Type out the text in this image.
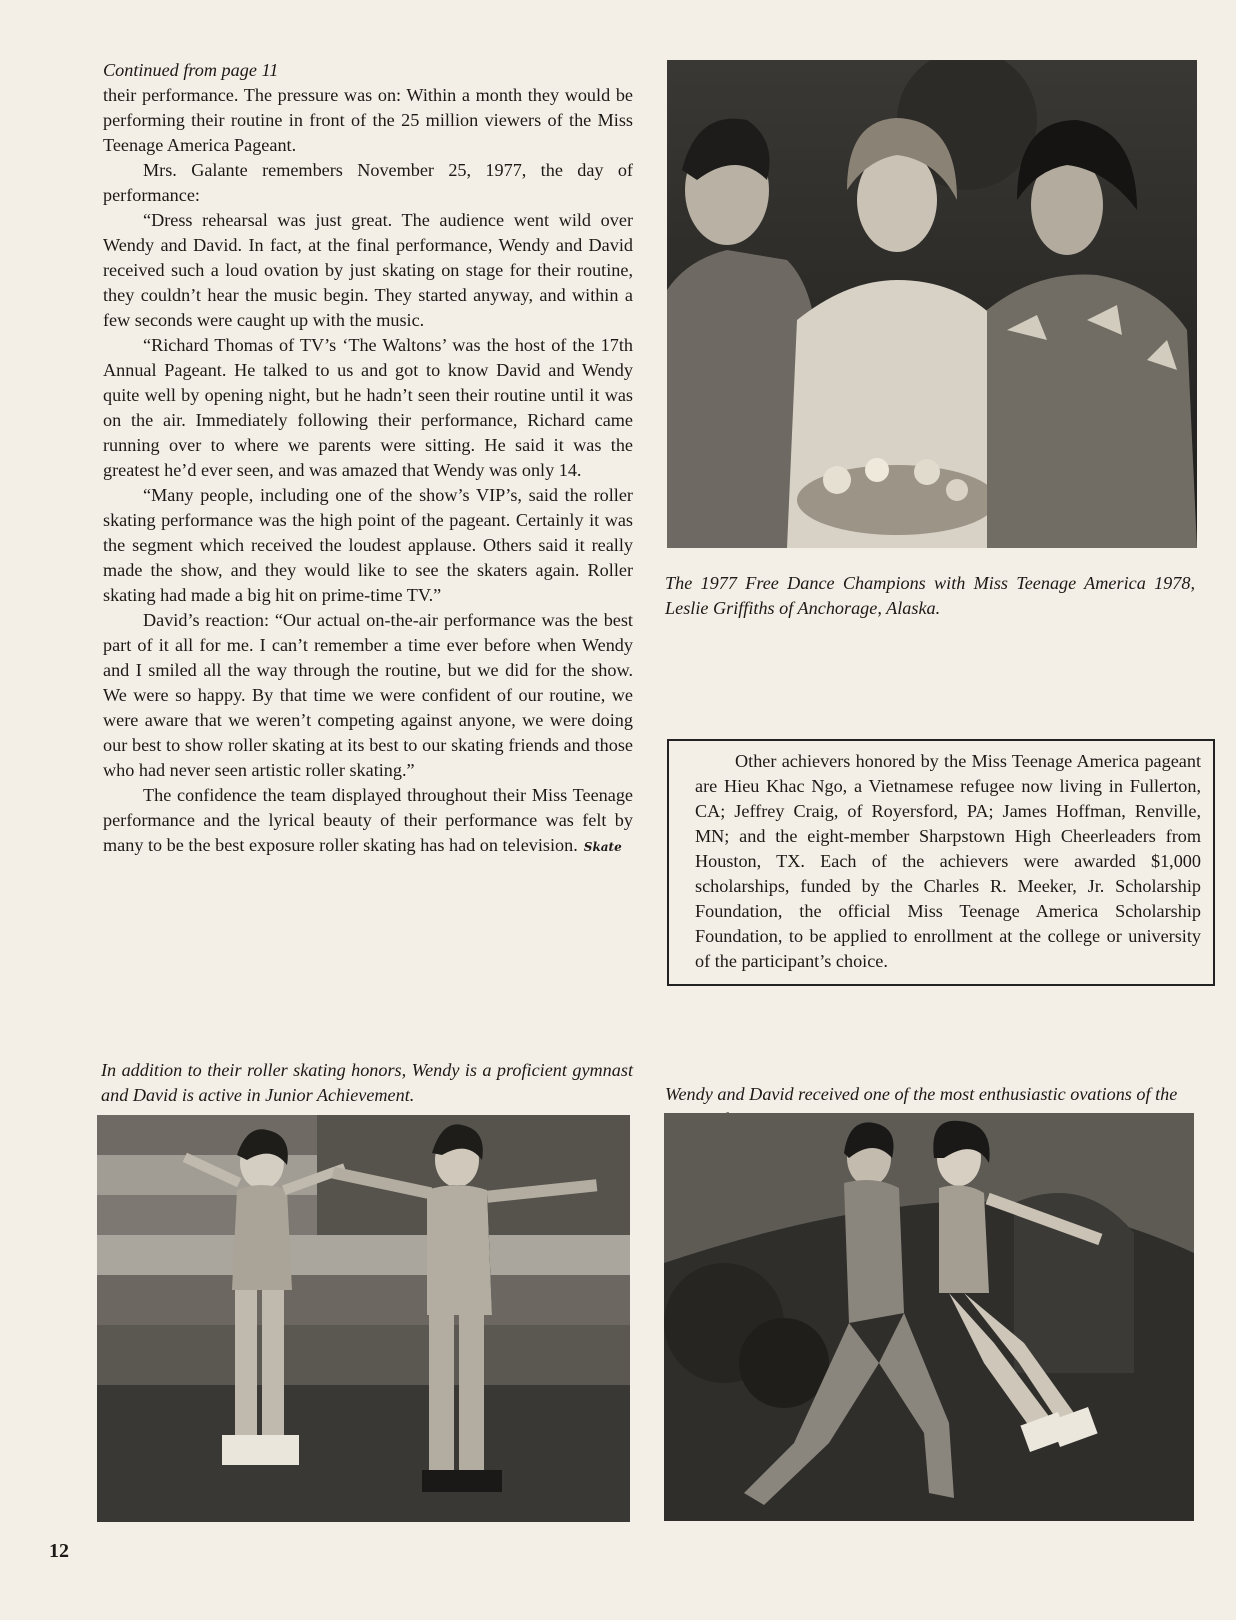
Continued from page 11

their performance. The pressure was on: Within a month they would be performing their routine in front of the 25 million viewers of the Miss Teenage America Pageant.

Mrs. Galante remembers November 25, 1977, the day of performance:

“Dress rehearsal was just great. The audience went wild over Wendy and David. In fact, at the final performance, Wendy and David received such a loud ovation by just skating on stage for their routine, they couldn’t hear the music begin. They started anyway, and within a few seconds were caught up with the music.

“Richard Thomas of TV’s ‘The Waltons’ was the host of the 17th Annual Pageant. He talked to us and got to know David and Wendy quite well by opening night, but he hadn’t seen their routine until it was on the air. Immediately following their performance, Richard came running over to where we parents were sitting. He said it was the greatest he’d ever seen, and was amazed that Wendy was only 14.

“Many people, including one of the show’s VIP’s, said the roller skating performance was the high point of the pageant. Certainly it was the segment which received the loudest applause. Others said it really made the show, and they would like to see the skaters again. Roller skating had made a big hit on prime-time TV.”

David’s reaction: “Our actual on-the-air performance was the best part of it all for me. I can’t remember a time ever before when Wendy and I smiled all the way through the routine, but we did for the show. We were so happy. By that time we were confident of our routine, we were aware that we weren’t competing against anyone, we were doing our best to show roller skating at its best to our skating friends and those who had never seen artistic roller skating.”

The confidence the team displayed throughout their Miss Teenage performance and the lyrical beauty of their performance was felt by many to be the best exposure roller skating has had on television. Skate

The 1977 Free Dance Champions with Miss Teenage America 1978, Leslie Griffiths of Anchorage, Alaska.

Other achievers honored by the Miss Teenage America pageant are Hieu Khac Ngo, a Vietnamese refugee now living in Fullerton, CA; Jeffrey Craig, of Royersford, PA; James Hoffman, Renville, MN; and the eight-member Sharpstown High Cheerleaders from Houston, TX. Each of the achievers were awarded $1,000 scholarships, funded by the Charles R. Meeker, Jr. Scholarship Foundation, the official Miss Teenage America Scholarship Foundation, to be applied to enrollment at the college or university of the participant’s choice.

In addition to their roller skating honors, Wendy is a proficient gymnast and David is active in Junior Achievement.	Wendy and David received one of the most enthusiastic ovations of the

12
